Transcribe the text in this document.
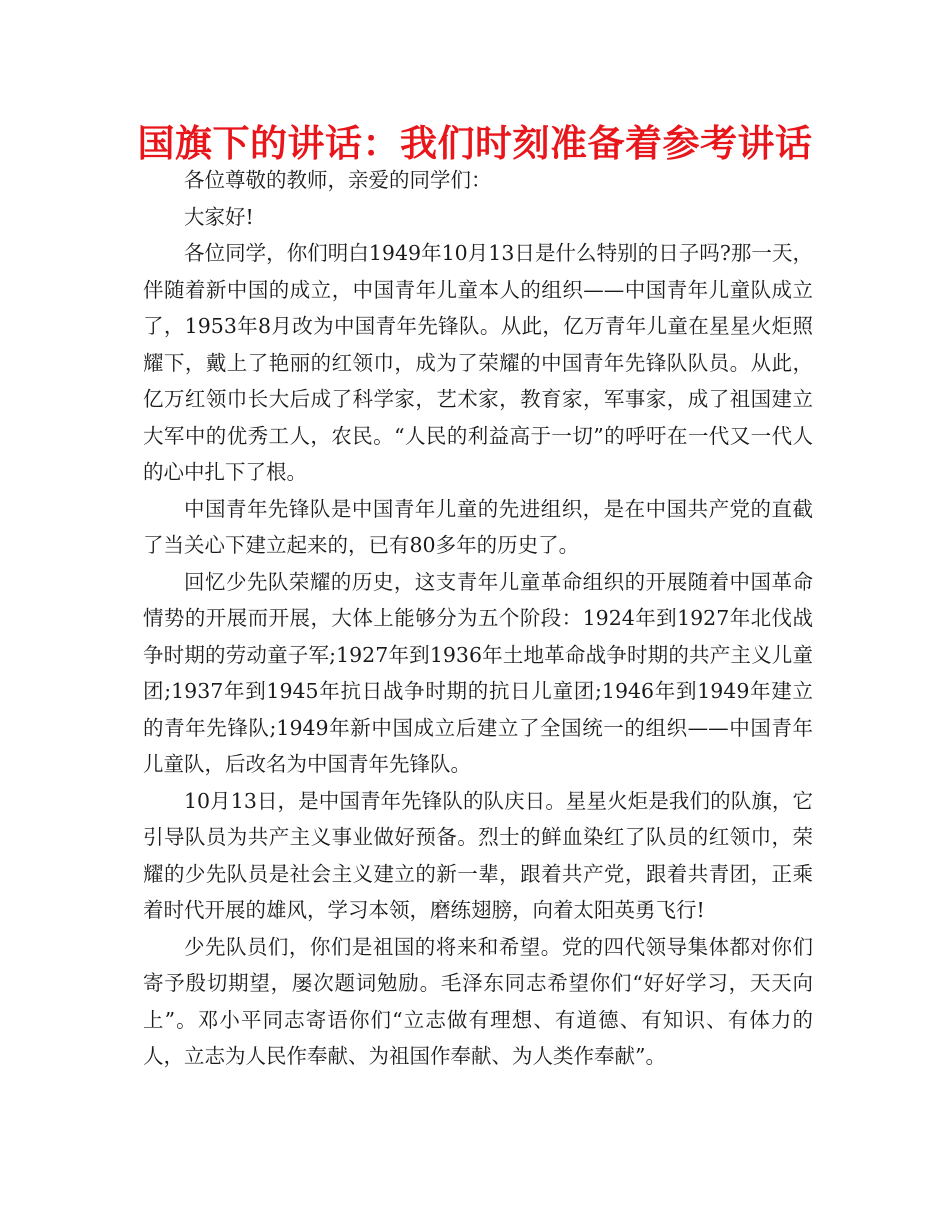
国旗下的讲话：我们时刻准备着参考讲话

各位尊敬的教师，亲爱的同学们：

大家好!

各位同学，你们明白1949年10月13日是什么特别的日子吗?那一天，伴随着新中国的成立，中国青年儿童本人的组织——中国青年儿童队成立了，1953年8月改为中国青年先锋队。从此，亿万青年儿童在星星火炬照耀下，戴上了艳丽的红领巾，成为了荣耀的中国青年先锋队队员。从此，亿万红领巾长大后成了科学家，艺术家，教育家，军事家，成了祖国建立大军中的优秀工人，农民。“人民的利益高于一切”的呼吁在一代又一代人的心中扎下了根。

中国青年先锋队是中国青年儿童的先进组织，是在中国共产党的直截了当关心下建立起来的，已有80多年的历史了。

回忆少先队荣耀的历史，这支青年儿童革命组织的开展随着中国革命情势的开展而开展，大体上能够分为五个阶段：1924年到1927年北伐战争时期的劳动童子军;1927年到1936年土地革命战争时期的共产主义儿童团;1937年到1945年抗日战争时期的抗日儿童团;1946年到1949年建立的青年先锋队;1949年新中国成立后建立了全国统一的组织——中国青年儿童队，后改名为中国青年先锋队。

10月13日，是中国青年先锋队的队庆日。星星火炬是我们的队旗，它引导队员为共产主义事业做好预备。烈士的鲜血染红了队员的红领巾，荣耀的少先队员是社会主义建立的新一辈，跟着共产党，跟着共青团，正乘着时代开展的雄风，学习本领，磨练翅膀，向着太阳英勇飞行!

少先队员们，你们是祖国的将来和希望。党的四代领导集体都对你们寄予殷切期望，屡次题词勉励。毛泽东同志希望你们“好好学习，天天向上”。邓小平同志寄语你们“立志做有理想、有道德、有知识、有体力的人，立志为人民作奉献、为祖国作奉献、为人类作奉献”。
